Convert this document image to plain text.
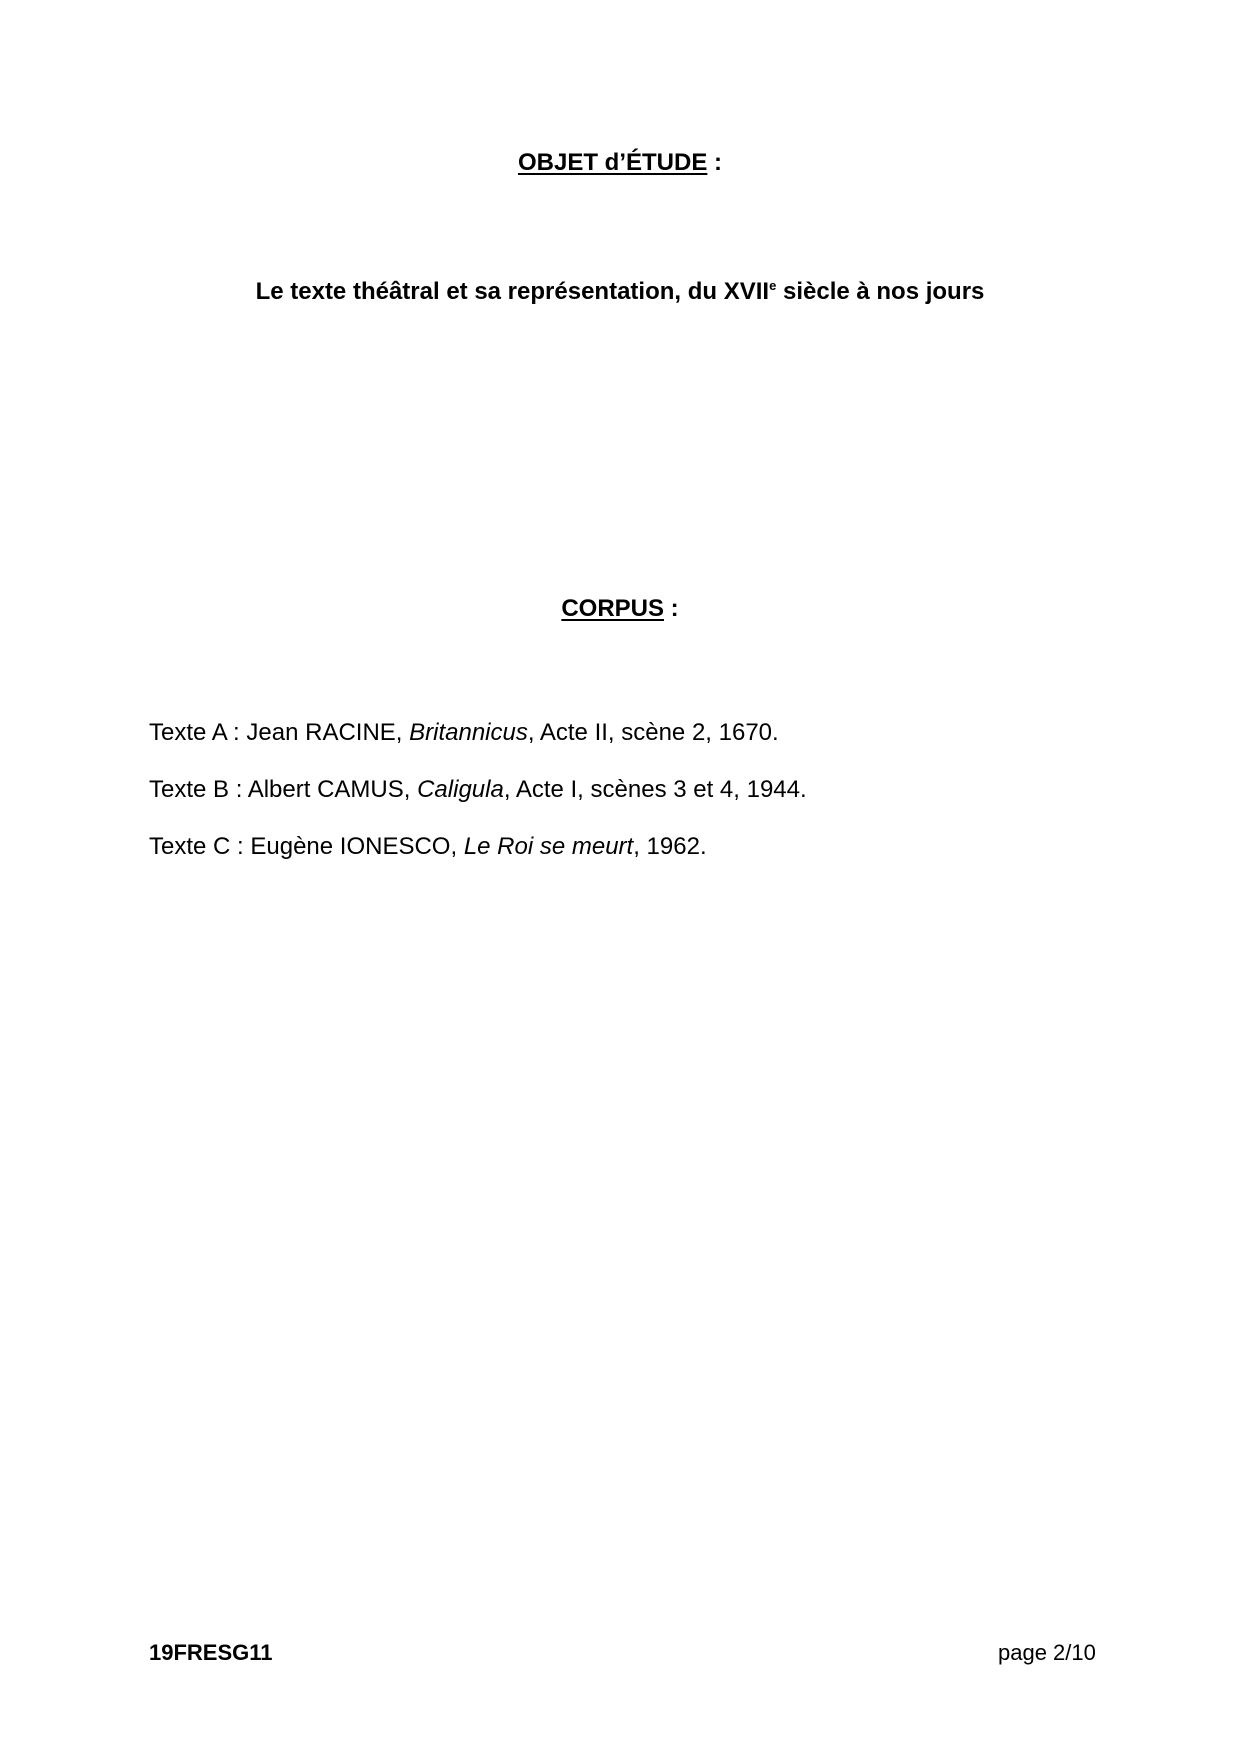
OBJET d’ÉTUDE :
Le texte théâtral et sa représentation, du XVIIe siècle à nos jours
CORPUS :
Texte A : Jean RACINE, Britannicus, Acte II, scène 2, 1670.
Texte B : Albert CAMUS, Caligula, Acte I, scènes 3 et 4, 1944.
Texte C : Eugène IONESCO, Le Roi se meurt, 1962.
19FRESG11	page 2/10
